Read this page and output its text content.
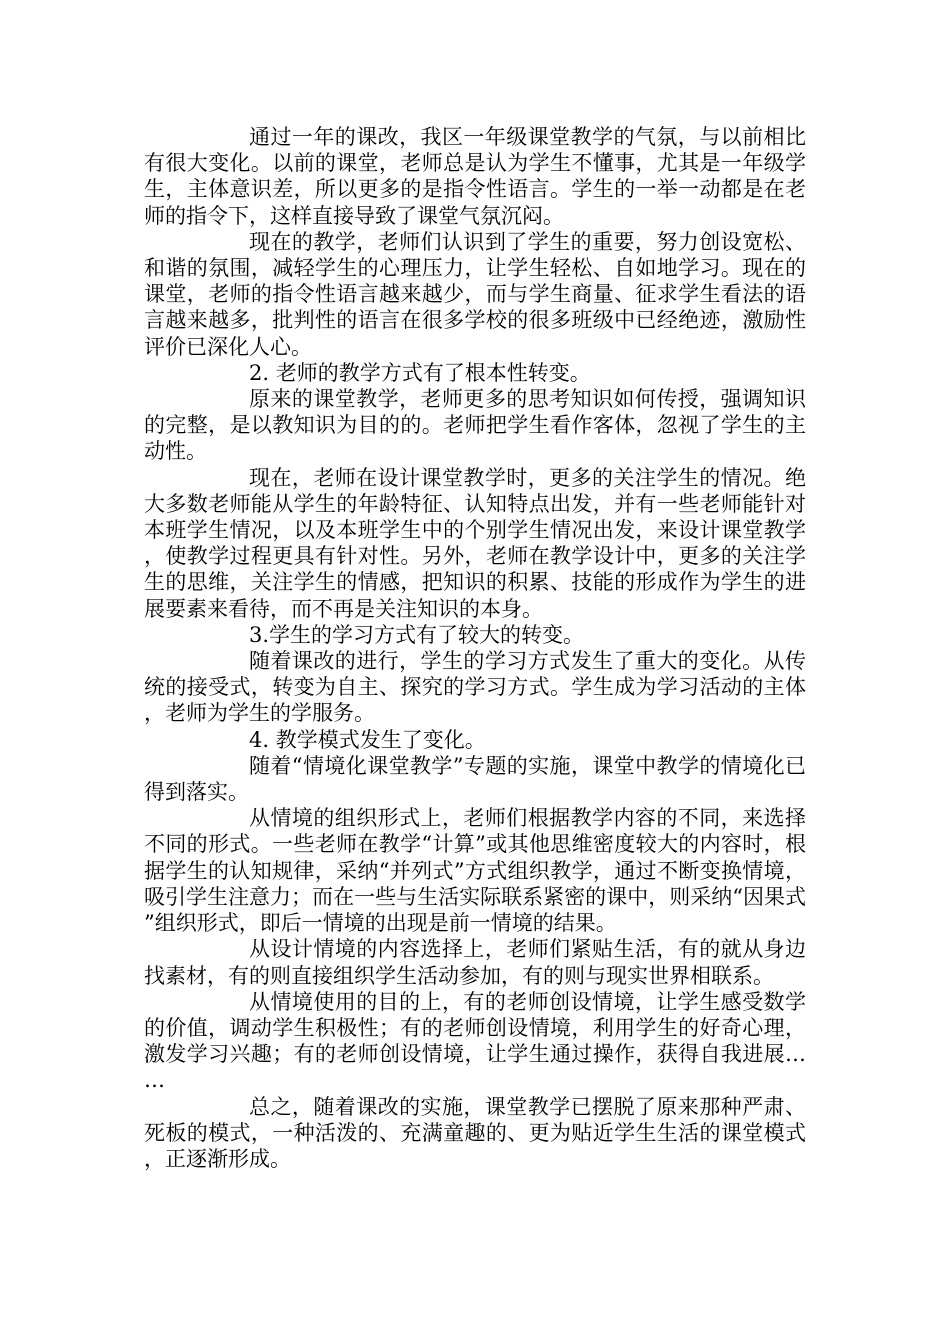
通过一年的课改，我区一年级课堂教学的气氛，与以前相比有很大变化。以前的课堂，老师总是认为学生不懂事，尤其是一年级学生，主体意识差，所以更多的是指令性语言。学生的一举一动都是在老师的指令下，这样直接导致了课堂气氛沉闷。

现在的教学，老师们认识到了学生的重要，努力创设宽松、和谐的氛围，减轻学生的心理压力，让学生轻松、自如地学习。现在的课堂，老师的指令性语言越来越少，而与学生商量、征求学生看法的语言越来越多，批判性的语言在很多学校的很多班级中已经绝迹，激励性评价已深化人心。

2. 老师的教学方式有了根本性转变。

原来的课堂教学，老师更多的思考知识如何传授，强调知识的完整，是以教知识为目的的。老师把学生看作客体，忽视了学生的主动性。

现在，老师在设计课堂教学时，更多的关注学生的情况。绝大多数老师能从学生的年龄特征、认知特点出发，并有一些老师能针对本班学生情况，以及本班学生中的个别学生情况出发，来设计课堂教学，使教学过程更具有针对性。另外，老师在教学设计中，更多的关注学生的思维，关注学生的情感，把知识的积累、技能的形成作为学生的进展要素来看待，而不再是关注知识的本身。

3.学生的学习方式有了较大的转变。

随着课改的进行，学生的学习方式发生了重大的变化。从传统的接受式，转变为自主、探究的学习方式。学生成为学习活动的主体，老师为学生的学服务。

4. 教学模式发生了变化。

随着“情境化课堂教学”专题的实施，课堂中教学的情境化已得到落实。

从情境的组织形式上，老师们根据教学内容的不同，来选择不同的形式。一些老师在教学“计算”或其他思维密度较大的内容时，根据学生的认知规律，采纳“并列式”方式组织教学，通过不断变换情境，吸引学生注意力；而在一些与生活实际联系紧密的课中，则采纳“因果式”组织形式，即后一情境的出现是前一情境的结果。

从设计情境的内容选择上，老师们紧贴生活，有的就从身边找素材，有的则直接组织学生活动参加，有的则与现实世界相联系。

从情境使用的目的上，有的老师创设情境，让学生感受数学的价值，调动学生积极性；有的老师创设情境，利用学生的好奇心理，激发学习兴趣；有的老师创设情境，让学生通过操作，获得自我进展……

总之，随着课改的实施，课堂教学已摆脱了原来那种严肃、死板的模式，一种活泼的、充满童趣的、更为贴近学生生活的课堂模式，正逐渐形成。
